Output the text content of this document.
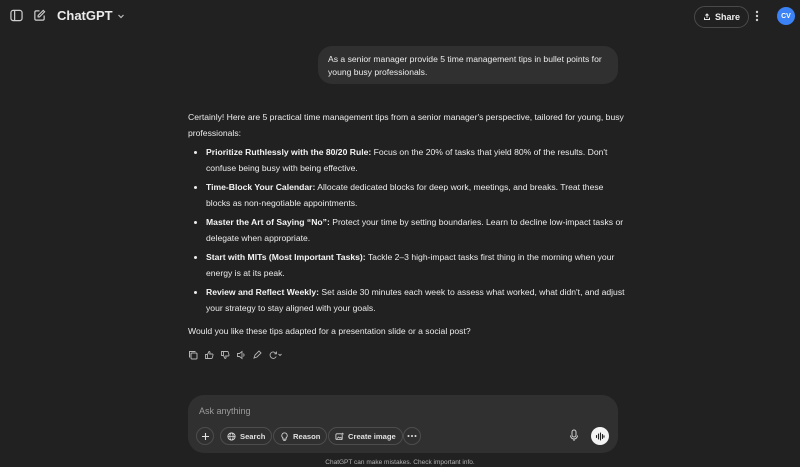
ChatGPT	Share	CV
As a senior manager provide 5 time management tips in bullet points for young busy professionals.

Certainly! Here are 5 practical time management tips from a senior manager's perspective, tailored for young, busy professionals:

• Prioritize Ruthlessly with the 80/20 Rule: Focus on the 20% of tasks that yield 80% of the results. Don't confuse being busy with being effective.
• Time-Block Your Calendar: Allocate dedicated blocks for deep work, meetings, and breaks. Treat these blocks as non-negotiable appointments.
• Master the Art of Saying “No”: Protect your time by setting boundaries. Learn to decline low-impact tasks or delegate when appropriate.
• Start with MITs (Most Important Tasks): Tackle 2–3 high-impact tasks first thing in the morning when your energy is at its peak.
• Review and Reflect Weekly: Set aside 30 minutes each week to assess what worked, what didn't, and adjust your strategy to stay aligned with your goals.
Would you like these tips adapted for a presentation slide or a social post?
Ask anything
Search	Reason	Create image
ChatGPT can make mistakes. Check important info.
